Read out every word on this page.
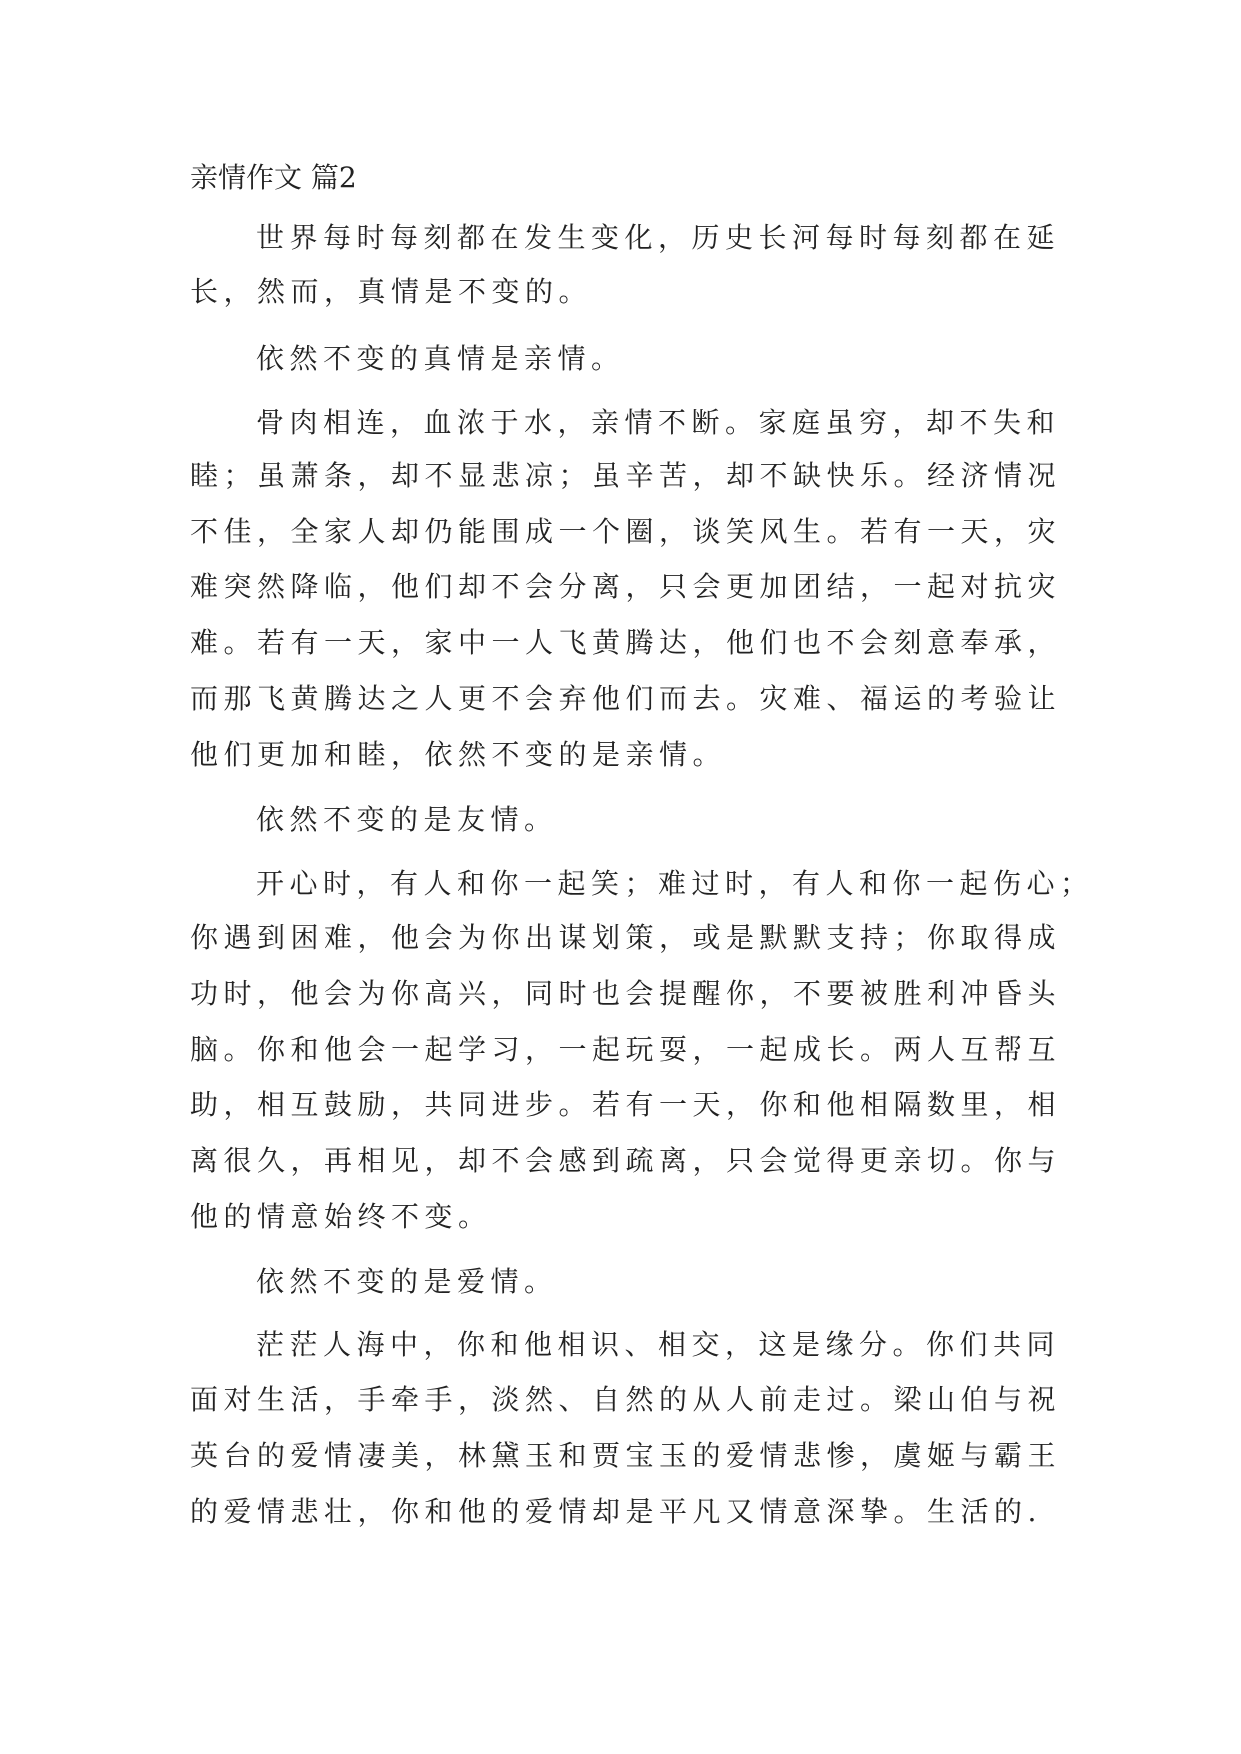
亲情作文 篇2
世界每时每刻都在发生变化，历史长河每时每刻都在延
长，然而，真情是不变的。
依然不变的真情是亲情。
骨肉相连，血浓于水，亲情不断。家庭虽穷，却不失和
睦；虽萧条，却不显悲凉；虽辛苦，却不缺快乐。经济情况
不佳，全家人却仍能围成一个圈，谈笑风生。若有一天，灾
难突然降临，他们却不会分离，只会更加团结，一起对抗灾
难。若有一天，家中一人飞黄腾达，他们也不会刻意奉承，
而那飞黄腾达之人更不会弃他们而去。灾难、福运的考验让
他们更加和睦，依然不变的是亲情。
依然不变的是友情。
开心时，有人和你一起笑；难过时，有人和你一起伤心；
你遇到困难，他会为你出谋划策，或是默默支持；你取得成
功时，他会为你高兴，同时也会提醒你，不要被胜利冲昏头
脑。你和他会一起学习，一起玩耍，一起成长。两人互帮互
助，相互鼓励，共同进步。若有一天，你和他相隔数里，相
离很久，再相见，却不会感到疏离，只会觉得更亲切。你与
他的情意始终不变。
依然不变的是爱情。
茫茫人海中，你和他相识、相交，这是缘分。你们共同
面对生活，手牵手，淡然、自然的从人前走过。梁山伯与祝
英台的爱情凄美，林黛玉和贾宝玉的爱情悲惨，虞姬与霸王
的爱情悲壮，你和他的爱情却是平凡又情意深挚。生活的.
